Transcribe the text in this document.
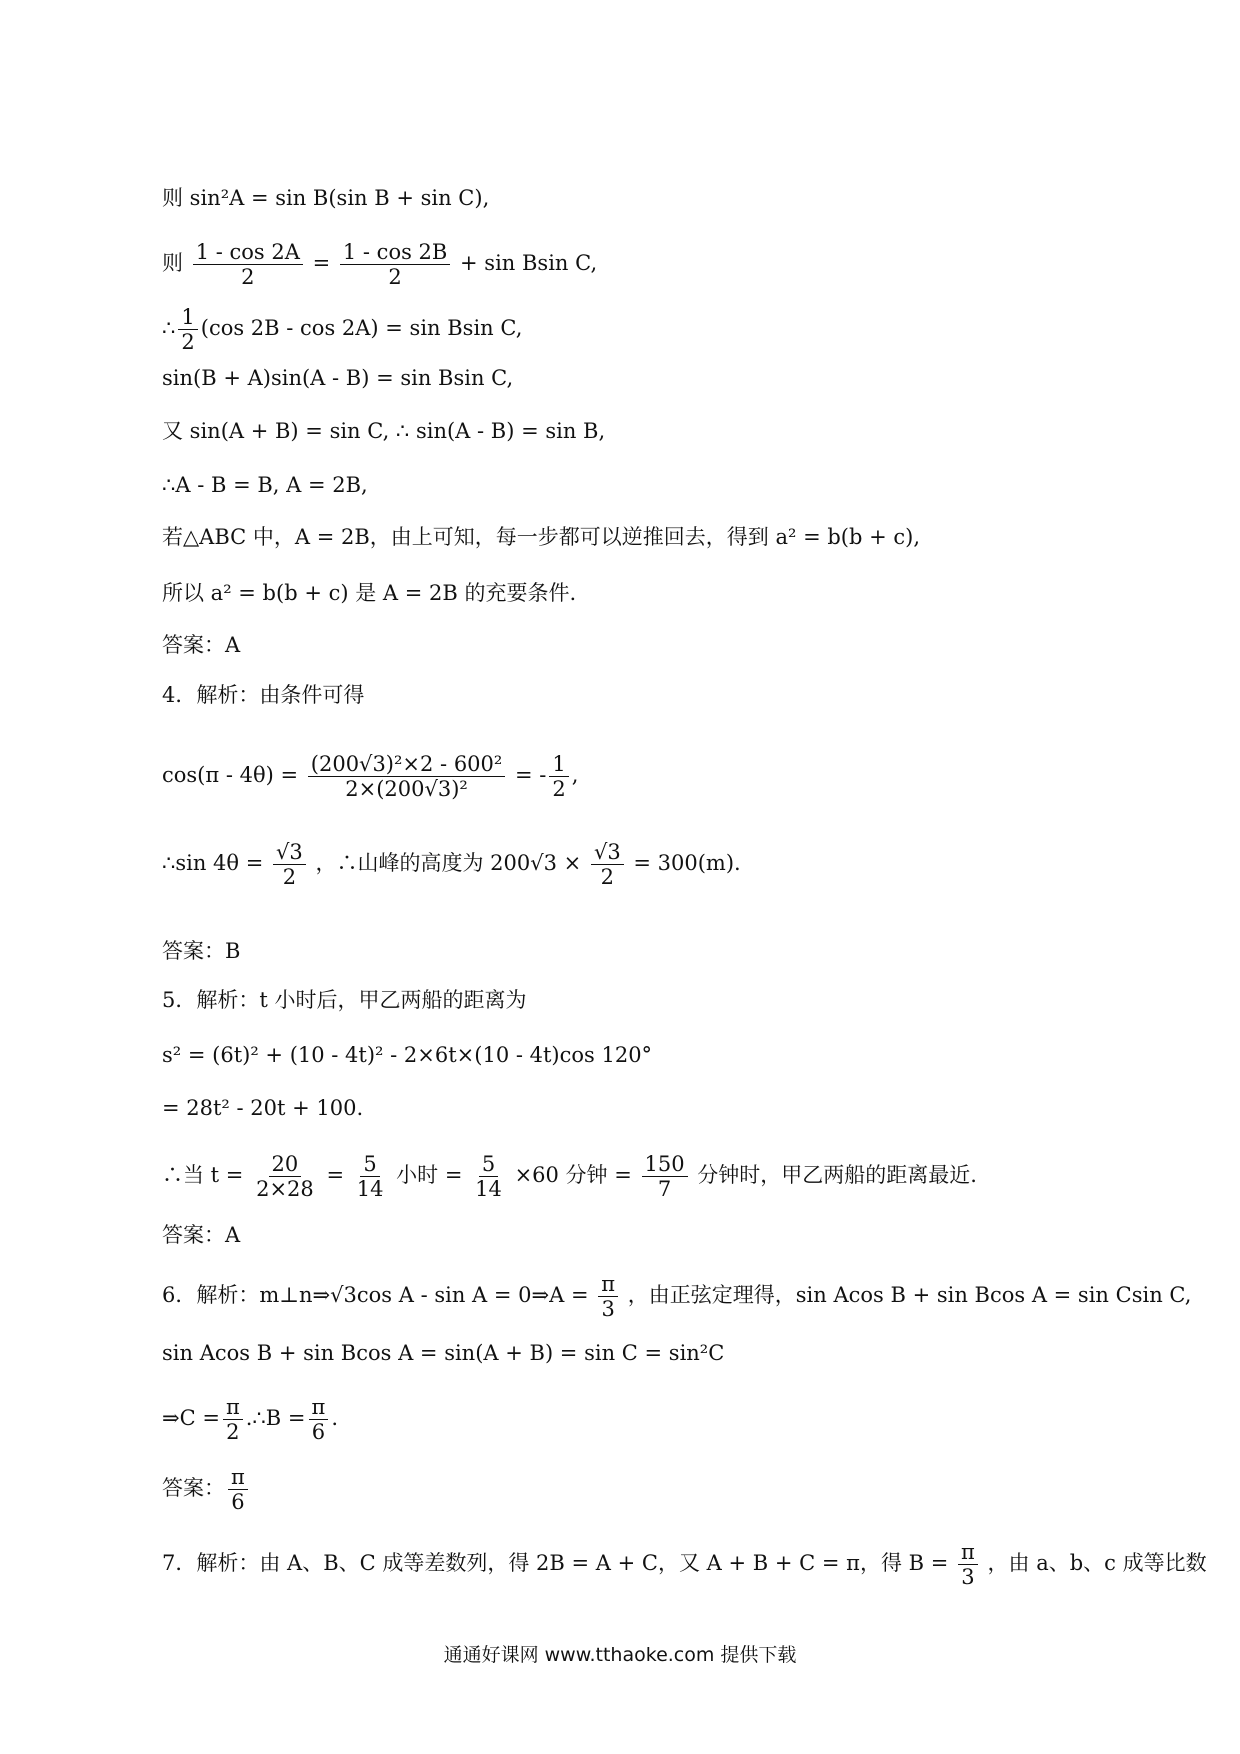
则 sin²A = sin B(sin B + sin C),
则 $\frac{1 - \cos 2A}{2} = \frac{1 - \cos 2B}{2} + \sin Bsin$ C,
∴ $\frac{1}{2} (\cos$ 2B - cos 2A) = sin Bsin C,
sin(B + A)sin(A - B) = sin Bsin C,
又 sin(A + B) = sin C, ∴ sin(A - B) = sin B,
∴A - B = B, A = 2B,
若△ABC 中，A = 2B，由上可知，每一步都可以逆推回去，得到 a² = b(b + c),
所以 a² = b(b + c) 是 A = 2B 的充要条件.
答案：A
4．解析：由条件可得
$\cos(\pi - 4\theta) = \frac{\text{(200√3)²×2 - 600²}}{\text{2×(200√3)²}}$ = - $\frac{1}{2}$ ,
∴sin $4\theta = \frac{√3}{2}$ ，∴山峰的高度为 $200√3 \times \frac{√3}{2} = 300(m)$.
答案：B
5．解析：t 小时后，甲乙两船的距离为
s² = (6t)² + (10 - 4t)² - 2×6t×(10 - 4t)cos 120°
= 28t² - 20t + 100.
∴当 $t = \frac{20}{2\times 28} = \frac{5}{14}$ 小时 = $\frac{5}{14} \times 60$ 分钟 = $\frac{150}{7}$ 分钟时，甲乙两船的距离最近.
答案：A
6．解析：m⊥n⇒√3cos A - sin A = 0⇒A = $\frac{\pi}{3}$ ，由正弦定理得，sin Acos B + sin Bcos A = sin Csin C,
sin Acos B + sin Bcos A = sin(A + B) = sin C = sin²C
⇒C = $\frac{\pi}{2}$ .∴B = $\frac{\pi}{6}$ .
答案： $\frac{\pi}{6}$
7．解析：由 A、B、C 成等差数列，得 2B = A + C，又 A + B + C = π，得 $B = \frac{\pi}{3}$ ，由 a、b、c 成等比数
通通好课网 www.tthaoke.com 提供下载
